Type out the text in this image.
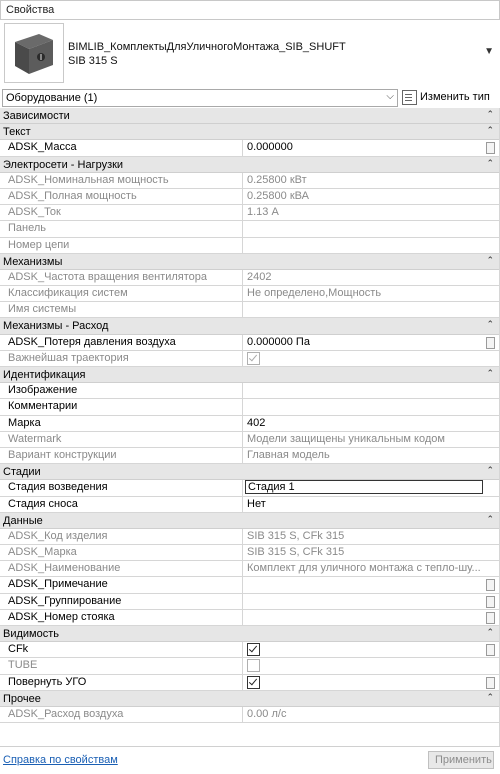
Свойства
BIMLIB_КомплектыДляУличногоМонтажа_SIB_SHUFT
SIB 315 S
▼
Оборудование (1)	⌵ Изменить тип
Зависимости	⌃
Текст	⌃
ADSK_Масса	0.000000
Электросети - Нагрузки	⌃
ADSK_Номинальная мощность	0.25800 кВт
ADSK_Полная мощность	0.25800 кВА
ADSK_Ток	1.13 А
Панель
Номер цепи
Механизмы	⌃
ADSK_Частота вращения вентилятора	2402
Классификация систем	Не определено,Мощность
Имя системы
Механизмы - Расход	⌃
ADSK_Потеря давления воздуха	0.000000 Па
Важнейшая траектория
Идентификация	⌃
Изображение
Комментарии
Марка	402
Watermark	Модели защищены уникальным кодом
Вариант конструкции	Главная модель
Стадии	⌃
Стадия возведения	Стадия 1
Стадия сноса	Нет
Данные	⌃
ADSK_Код изделия	SIB 315 S, CFk 315
ADSK_Марка	SIB 315 S, CFk 315
ADSK_Наименование	Комплект для уличного монтажа с тепло-шу...
ADSK_Примечание
ADSK_Группирование
ADSK_Номер стояка
Видимость	⌃
CFk
TUBE
Повернуть УГО
Прочее	⌃
ADSK_Расход воздуха	0.00 л/с
Справка по свойствам	Применить
